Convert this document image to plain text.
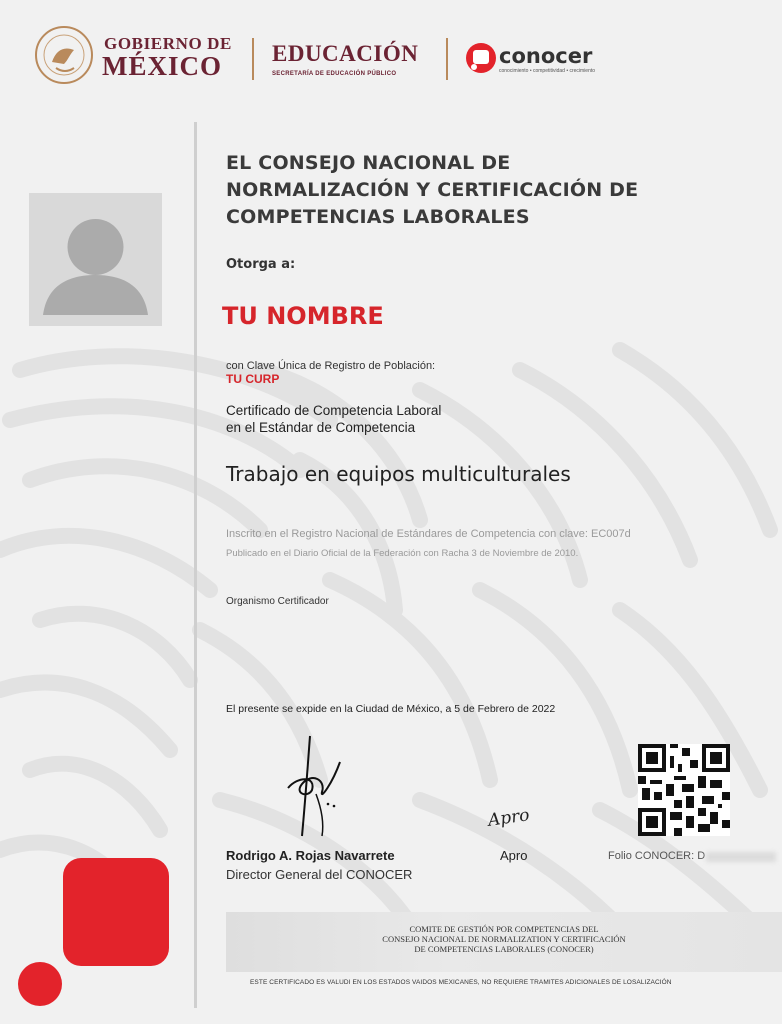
GOBIERNO DE
MÉXICO EDUCACIÓN
SECRETARÍA DE EDUCACIÓN PÚBLICO
conocer
conocimiento • competitividad • crecimiento
EL CONSEJO NACIONAL DE
NORMALIZACIÓN Y CERTIFICACIÓN DE
COMPETENCIAS LABORALES
Otorga a:
TU NOMBRE
con Clave Única de Registro de Población:
TU CURP
Certificado de Competencia Laboral
en el Estándar de Competencia
Trabajo en equipos multiculturales
Inscrito en el Registro Nacional de Estándares de Competencia con clave: EC007d
Publicado en el Diario Oficial de la Federación con Racha 3 de Noviembre de 2010.
Organismo Certificador
El presente se expide en la Ciudad de México, a 5 de Febrero de 2022
Apro
Rodrigo A. Rojas Navarrete
Director General del CONOCER
Apro	Folio CONOCER: D
COMITE DE GESTIÓN POR COMPETENCIAS DEL
CONSEJO NACIONAL DE NORMALIZATION Y CERTIFICACIÓN
DE COMPETENCIAS LABORALES (CONOCER)
ESTE CERTIFICADO ES VALUDI EN LOS ESTADOS VAIDOS MEXICANES, NO REQUIERE TRAMITES ADICIONALES DE LOSALIZACIÓN
